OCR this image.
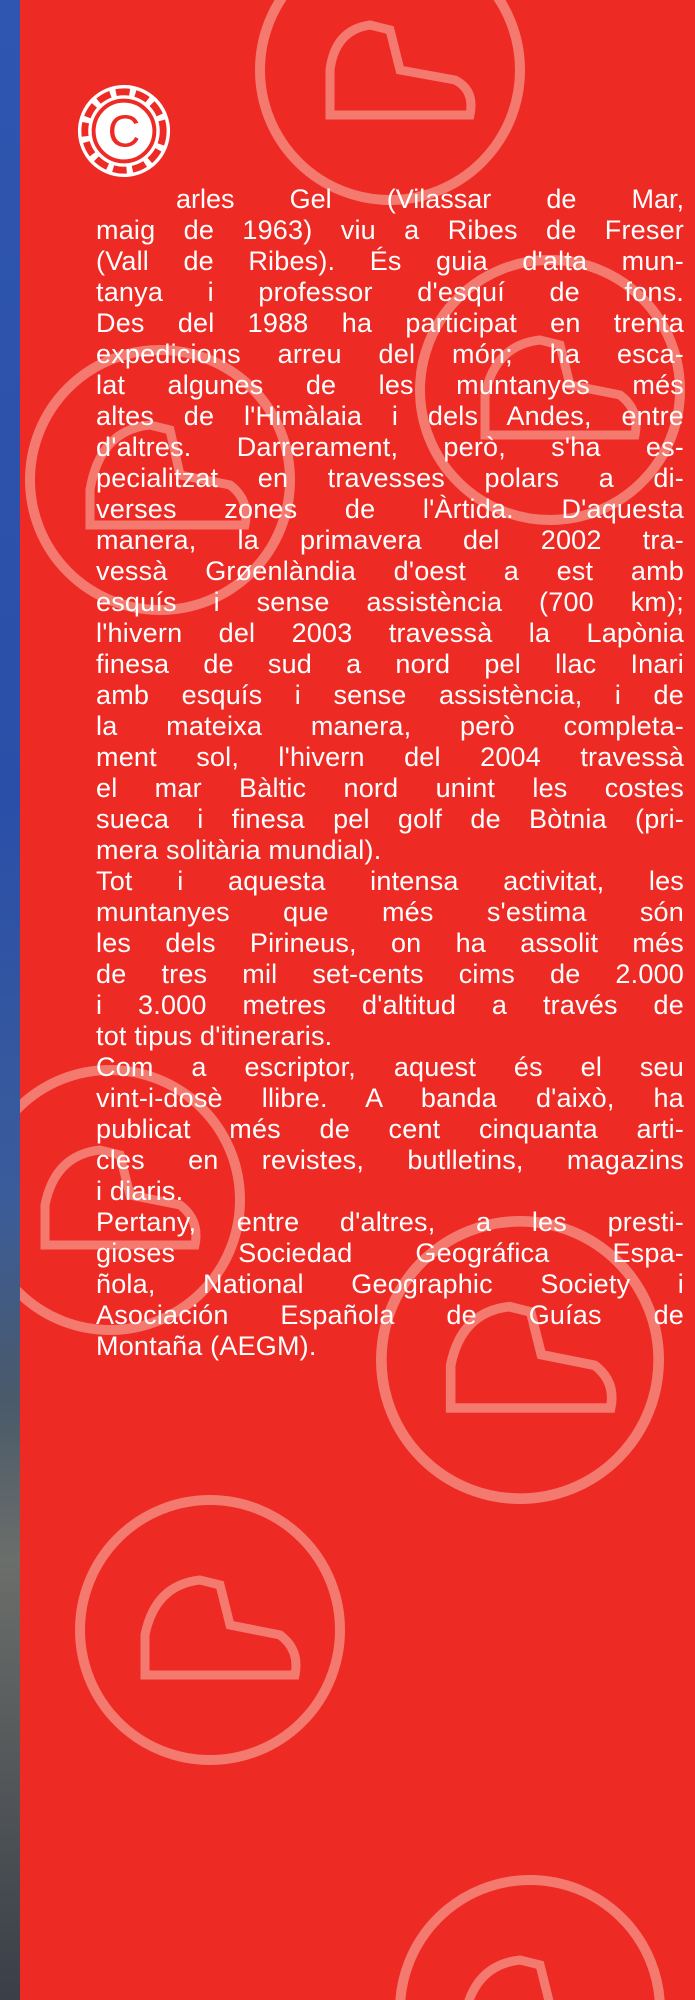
C
arles Gel (Vilassar de Mar,

maig de 1963) viu a Ribes de Freser
(Vall de Ribes). És guia d'alta mun-
tanya i professor d'esquí de fons.
Des del 1988 ha participat en trenta
expedicions arreu del món; ha esca-
lat algunes de les muntanyes més
altes de l'Himàlaia i dels Andes, entre
d'altres. Darrerament, però, s'ha es-
pecialitzat en travesses polars a di-
verses zones de l'Àrtida. D'aquesta
manera, la primavera del 2002 tra-
vessà Grøenlàndia d'oest a est amb
esquís i sense assistència (700 km);
l'hivern del 2003 travessà la Lapònia
finesa de sud a nord pel llac Inari
amb esquís i sense assistència, i de
la mateixa manera, però completa-
ment sol, l'hivern del 2004 travessà
el mar Bàltic nord unint les costes
sueca i finesa pel golf de Bòtnia (pri-
mera solitària mundial).

Tot i aquesta intensa activitat, les
muntanyes que més s'estima són
les dels Pirineus, on ha assolit més
de tres mil set-cents cims de 2.000
i 3.000 metres d'altitud a través de
tot tipus d'itineraris.

Com a escriptor, aquest és el seu
vint-i-dosè llibre. A banda d'això, ha
publicat més de cent cinquanta arti-
cles en revistes, butlletins, magazins
i diaris.

Pertany, entre d'altres, a les presti-
gioses Sociedad Geográfica Espa-
ñola, National Geographic Society i
Asociación Española de Guías de
Montaña (AEGM).
